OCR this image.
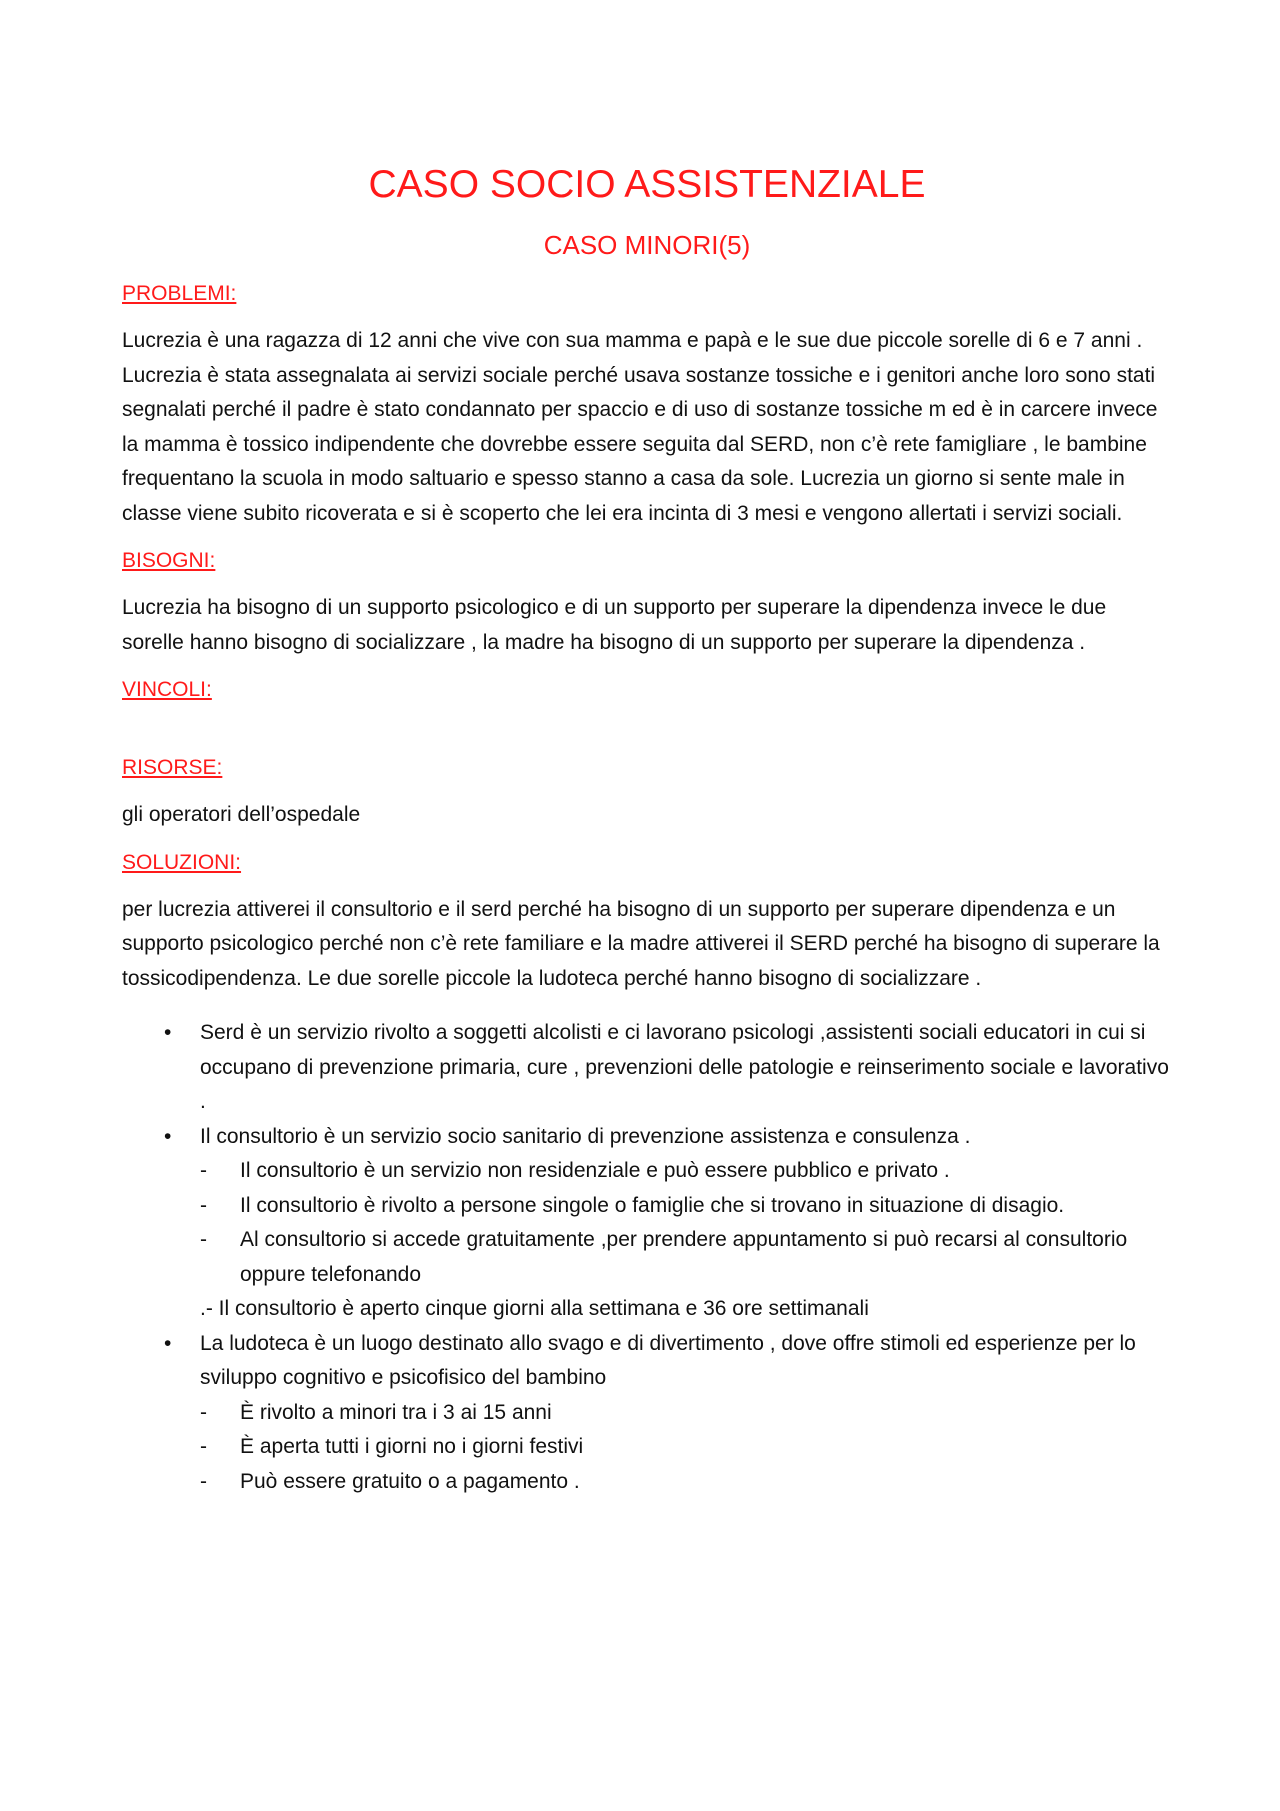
CASO SOCIO ASSISTENZIALE
CASO MINORI(5)
PROBLEMI:

Lucrezia è una ragazza di 12 anni che vive con sua mamma e papà e le sue due piccole sorelle di 6 e 7 anni . Lucrezia è stata assegnalata ai servizi sociale perché usava sostanze tossiche e i genitori anche loro sono stati segnalati perché il padre è stato condannato per spaccio e di uso di sostanze tossiche m ed è in carcere invece la mamma è tossico indipendente che dovrebbe essere seguita dal SERD, non c’è rete famigliare , le bambine frequentano la scuola in modo saltuario e spesso stanno a casa da sole. Lucrezia un giorno si sente male in classe viene subito ricoverata e si è scoperto che lei era incinta di 3 mesi e vengono allertati i servizi sociali.

BISOGNI:

Lucrezia ha bisogno di un supporto psicologico e di un supporto per superare la dipendenza invece le due sorelle hanno bisogno di socializzare , la madre ha bisogno di un supporto per superare la dipendenza .

VINCOLI:
RISORSE:

gli operatori dell’ospedale

SOLUZIONI:

per lucrezia attiverei il consultorio e il serd perché ha bisogno di un supporto per superare dipendenza e un supporto psicologico perché non c’è rete familiare e la madre attiverei il SERD perché ha bisogno di superare la tossicodipendenza. Le due sorelle piccole la ludoteca perché hanno bisogno di socializzare .

• Serd è un servizio rivolto a soggetti alcolisti e ci lavorano psicologi ,assistenti sociali educatori in cui si occupano di prevenzione primaria, cure , prevenzioni delle patologie e reinserimento sociale e lavorativo .
• Il consultorio è un servizio socio sanitario di prevenzione assistenza e consulenza .
- Il consultorio è un servizio non residenziale e può essere pubblico e privato .
- Il consultorio è rivolto a persone singole o famiglie che si trovano in situazione di disagio.
- Al consultorio si accede gratuitamente ,per prendere appuntamento si può recarsi al consultorio oppure telefonando
.- Il consultorio è aperto cinque giorni alla settimana e 36 ore settimanali
• La ludoteca è un luogo destinato allo svago e di divertimento , dove offre stimoli ed esperienze per lo sviluppo cognitivo e psicofisico del bambino
- È rivolto a minori tra i 3 ai 15 anni
- È aperta tutti i giorni no i giorni festivi
- Può essere gratuito o a pagamento .
